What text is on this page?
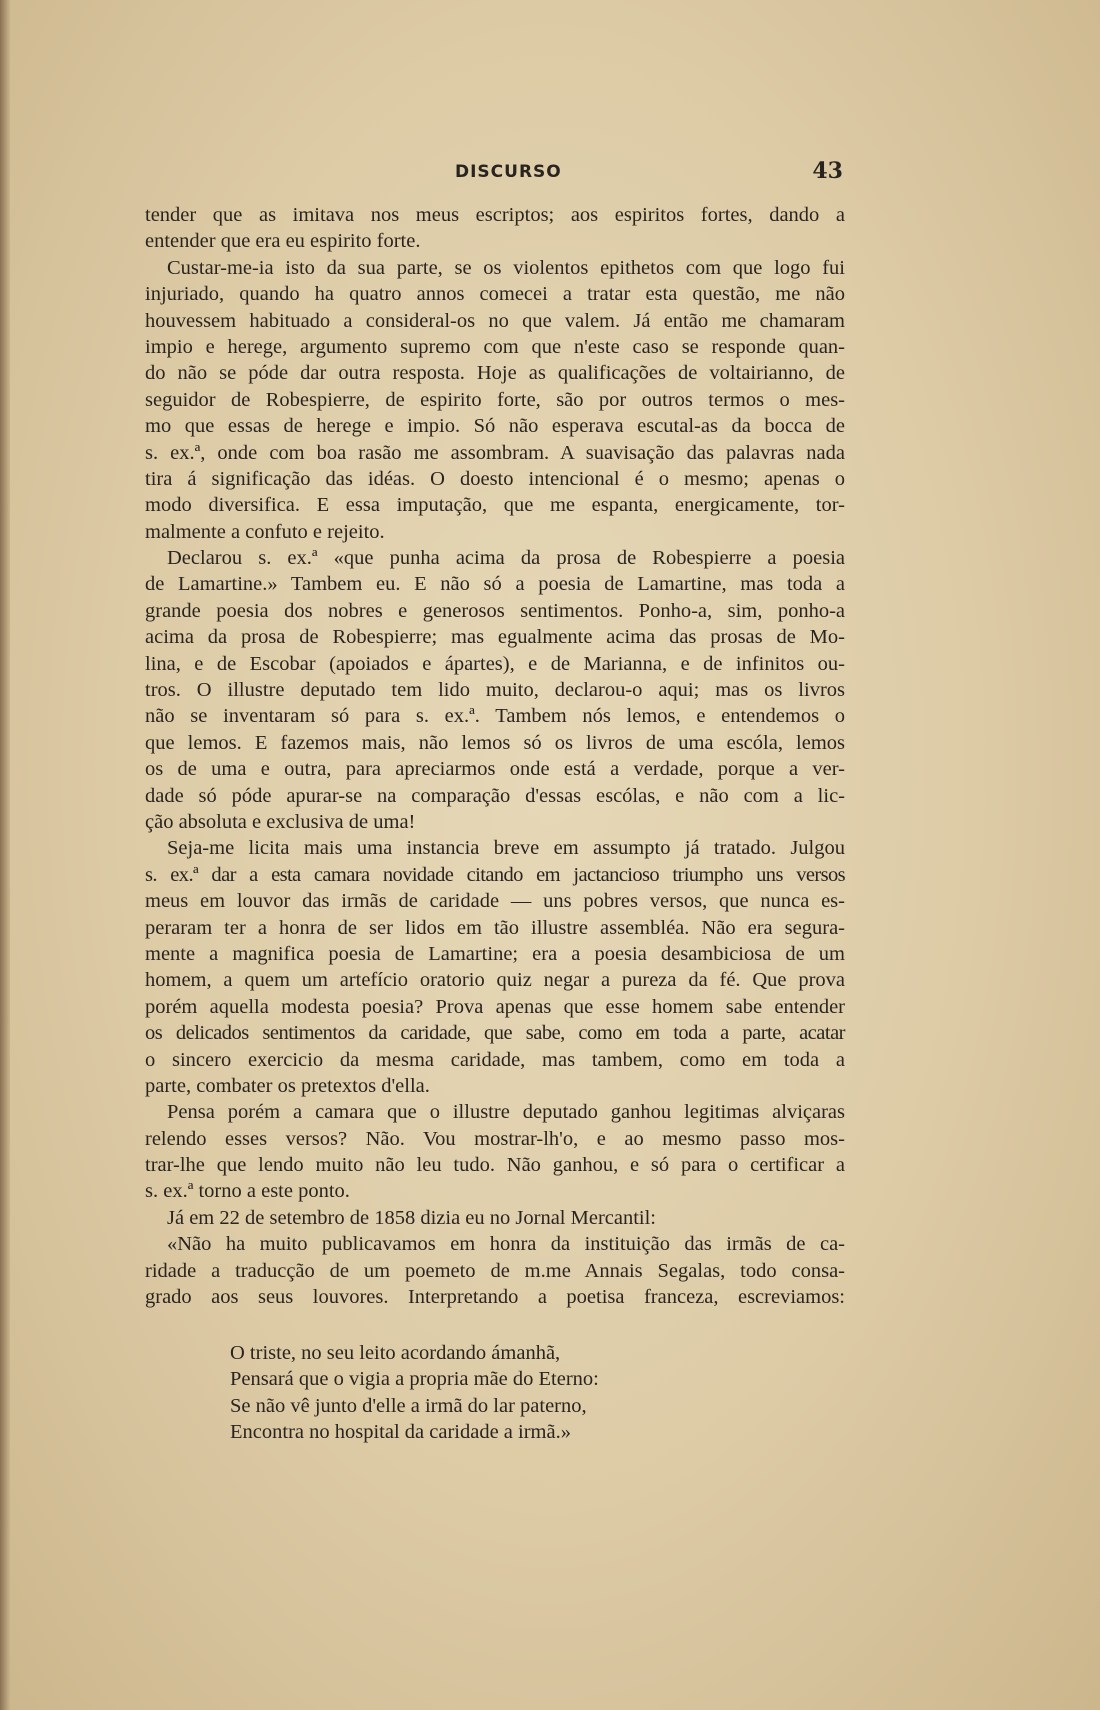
DISCURSO	43
tender que as imitava nos meus escriptos; aos espiritos fortes, dando a
entender que era eu espirito forte.
Custar-me-ia isto da sua parte, se os violentos epithetos com que logo fui
injuriado, quando ha quatro annos comecei a tratar esta questão, me não
houvessem habituado a consideral-os no que valem. Já então me chamaram
impio e herege, argumento supremo com que n'este caso se responde quan-
do não se póde dar outra resposta. Hoje as qualificações de voltairianno, de
seguidor de Robespierre, de espirito forte, são por outros termos o mes-
mo que essas de herege e impio. Só não esperava escutal-as da bocca de
s. ex.ª, onde com boa rasão me assombram. A suavisação das palavras nada
tira á significação das idéas. O doesto intencional é o mesmo; apenas o
modo diversifica. E essa imputação, que me espanta, energicamente, tor-
malmente a confuto e rejeito.
Declarou s. ex.ª «que punha acima da prosa de Robespierre a poesia
de Lamartine.» Tambem eu. E não só a poesia de Lamartine, mas toda a
grande poesia dos nobres e generosos sentimentos. Ponho-a, sim, ponho-a
acima da prosa de Robespierre; mas egualmente acima das prosas de Mo-
lina, e de Escobar (apoiados e ápartes), e de Marianna, e de infinitos ou-
tros. O illustre deputado tem lido muito, declarou-o aqui; mas os livros
não se inventaram só para s. ex.ª. Tambem nós lemos, e entendemos o
que lemos. E fazemos mais, não lemos só os livros de uma escóla, lemos
os de uma e outra, para apreciarmos onde está a verdade, porque a ver-
dade só póde apurar-se na comparação d'essas escólas, e não com a lic-
ção absoluta e exclusiva de uma!
Seja-me licita mais uma instancia breve em assumpto já tratado. Julgou
s. ex.ª dar a esta camara novidade citando em jactancioso triumpho uns versos
meus em louvor das irmãs de caridade — uns pobres versos, que nunca es-
peraram ter a honra de ser lidos em tão illustre assembléa. Não era segura-
mente a magnifica poesia de Lamartine; era a poesia desambiciosa de um
homem, a quem um artefício oratorio quiz negar a pureza da fé. Que prova
porém aquella modesta poesia? Prova apenas que esse homem sabe entender
os delicados sentimentos da caridade, que sabe, como em toda a parte, acatar
o sincero exercicio da mesma caridade, mas tambem, como em toda a
parte, combater os pretextos d'ella.
Pensa porém a camara que o illustre deputado ganhou legitimas alviçaras
relendo esses versos? Não. Vou mostrar-lh'o, e ao mesmo passo mos-
trar-lhe que lendo muito não leu tudo. Não ganhou, e só para o certificar a
s. ex.ª torno a este ponto.
Já em 22 de setembro de 1858 dizia eu no Jornal Mercantil:
«Não ha muito publicavamos em honra da instituição das irmãs de ca-
ridade a traducção de um poemeto de m.me Annais Segalas, todo consa-
grado aos seus louvores. Interpretando a poetisa franceza, escreviamos:
O triste, no seu leito acordando ámanhã,
Pensará que o vigia a propria mãe do Eterno:
Se não vê junto d'elle a irmã do lar paterno,
Encontra no hospital da caridade a irmã.»
